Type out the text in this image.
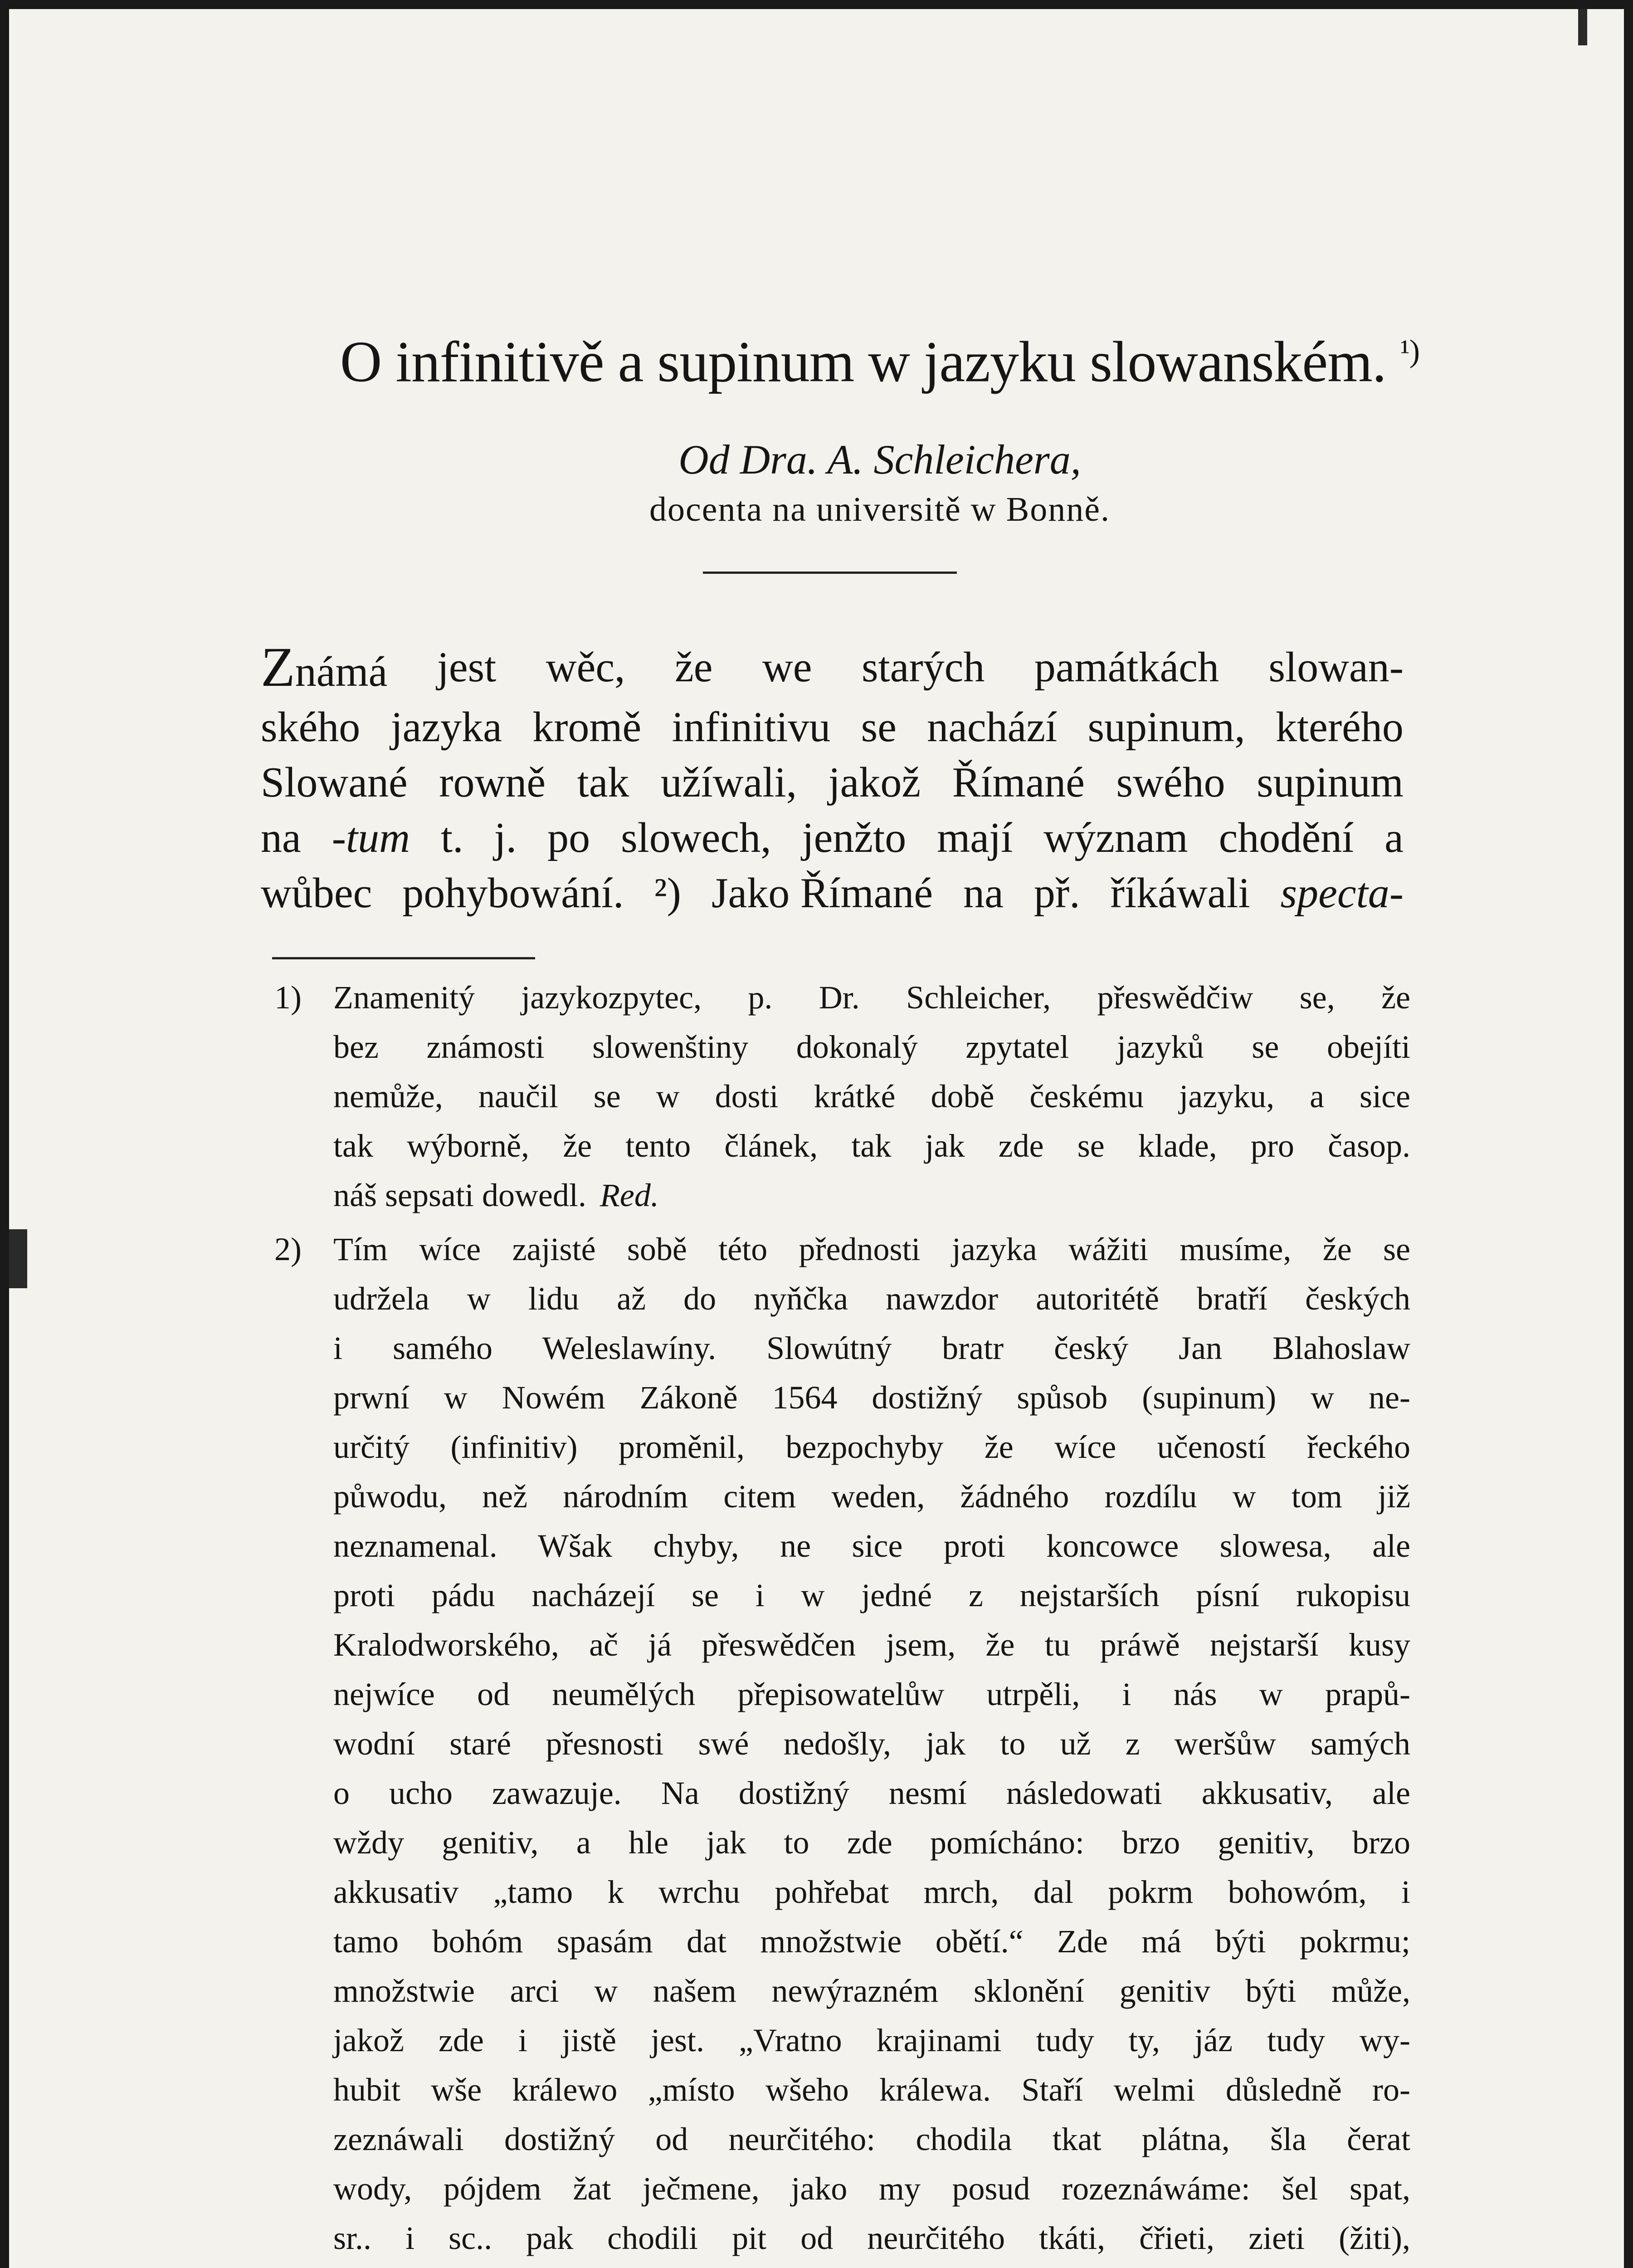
O infinitivě a supinum w jazyku slowanském. $^{^1)}$
Od Dra. A. Schleichera,
docenta na universitě w Bonně.
Známá jest wěc, že we starých památkách slowan-
ského jazyka kromě infinitivu se nachází supinum, kterého
Slowané rowně tak užíwali, jakož Římané swého supinum
na -tum t. j. po slowech, jenžto mají wýznam chodění a
wůbec pohybowání. ²) Jako Římané na př. říkáwali specta-
1) Znamenitý jazykozpytec, p. Dr. Schleicher, přeswědčiw se, že
bez známosti slowenštiny dokonalý zpytatel jazyků se obejíti
nemůže, naučil se w dosti krátké době českému jazyku, a sice
tak wýborně, že tento článek, tak jak zde se klade, pro časop.
náš sepsati dowedl. Red.
2) Tím wíce zajisté sobě této přednosti jazyka wážiti musíme, že se
udržela w lidu až do nyňčka nawzdor autoritétě bratří českých
i samého Weleslawíny. Slowútný bratr český Jan Blahoslaw
prwní w Nowém Zákoně 1564 dostižný spůsob (supinum) w ne-
určitý (infinitiv) proměnil, bezpochyby že wíce učeností řeckého
půwodu, než národním citem weden, žádného rozdílu w tom již
neznamenal. Wšak chyby, ne sice proti koncowce slowesa, ale
proti pádu nacházejí se i w jedné z nejstarších písní rukopisu
Kralodworského, ač já přeswědčen jsem, že tu práwě nejstarší kusy
nejwíce od neumělých přepisowatelůw utrpěli, i nás w prapů-
wodní staré přesnosti swé nedošly, jak to už z weršůw samých
o ucho zawazuje. Na dostižný nesmí následowati akkusativ, ale
wždy genitiv, a hle jak to zde pomícháno: brzo genitiv, brzo
akkusativ „tamo k wrchu pohřebat mrch, dal pokrm bohowóm, i
tamo bohóm spasám dat množstwie obětí.“ Zde má býti pokrmu;
množstwie arci w našem newýrazném sklonění genitiv býti může,
jakož zde i jistě jest. „Vratno krajinami tudy ty, jáz tudy wy-
hubit wše králewo „místo wšeho králewa. Staří welmi důsledně ro-
zeznáwali dostižný od neurčitého: chodila tkat plátna, šla čerat
wody, pójdem žat ječmene, jako my posud rozeznáwáme: šel spat,
sr.. i sc.. pak chodili pit od neurčitého tkáti, čřieti, zieti (žiti),
